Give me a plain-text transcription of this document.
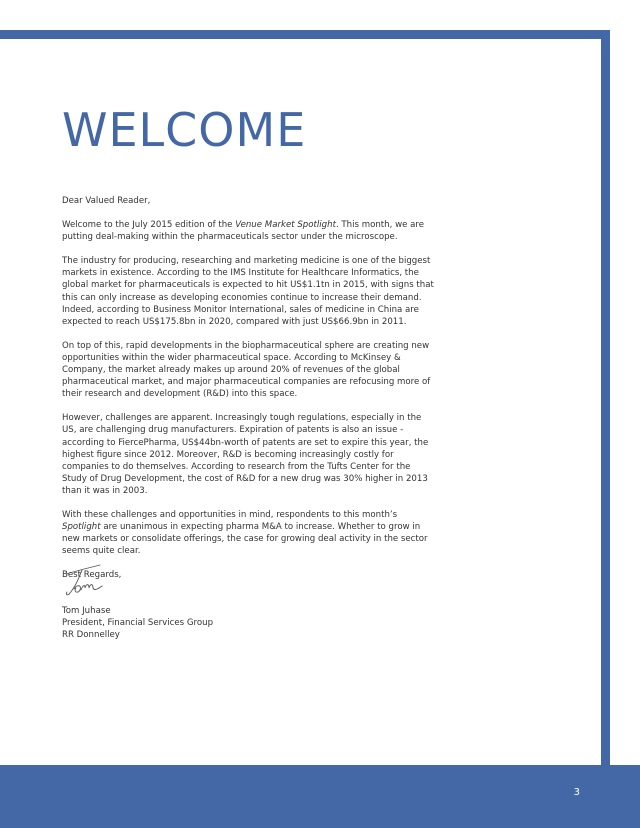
WELCOME

Dear Valued Reader,

Welcome to the July 2015 edition of the Venue Market Spotlight. This month, we are putting deal-making within the pharmaceuticals sector under the microscope.

The industry for producing, researching and marketing medicine is one of the biggest markets in existence. According to the IMS Institute for Healthcare Informatics, the global market for pharmaceuticals is expected to hit US$1.1tn in 2015, with signs that this can only increase as developing economies continue to increase their demand. Indeed, according to Business Monitor International, sales of medicine in China are expected to reach US$175.8bn in 2020, compared with just US$66.9bn in 2011.

On top of this, rapid developments in the biopharmaceutical sphere are creating new opportunities within the wider pharmaceutical space. According to McKinsey & Company, the market already makes up around 20% of revenues of the global pharmaceutical market, and major pharmaceutical companies are refocusing more of their research and development (R&D) into this space.

However, challenges are apparent. Increasingly tough regulations, especially in the US, are challenging drug manufacturers. Expiration of patents is also an issue - according to FiercePharma, US$44bn-worth of patents are set to expire this year, the highest figure since 2012. Moreover, R&D is becoming increasingly costly for companies to do themselves. According to research from the Tufts Center for the Study of Drug Development, the cost of R&D for a new drug was 30% higher in 2013 than it was in 2003.

With these challenges and opportunities in mind, respondents to this month’s Spotlight are unanimous in expecting pharma M&A to increase. Whether to grow in new markets or consolidate offerings, the case for growing deal activity in the sector seems quite clear.

Best Regards,

Tom Juhase
President, Financial Services Group
RR Donnelley
3
